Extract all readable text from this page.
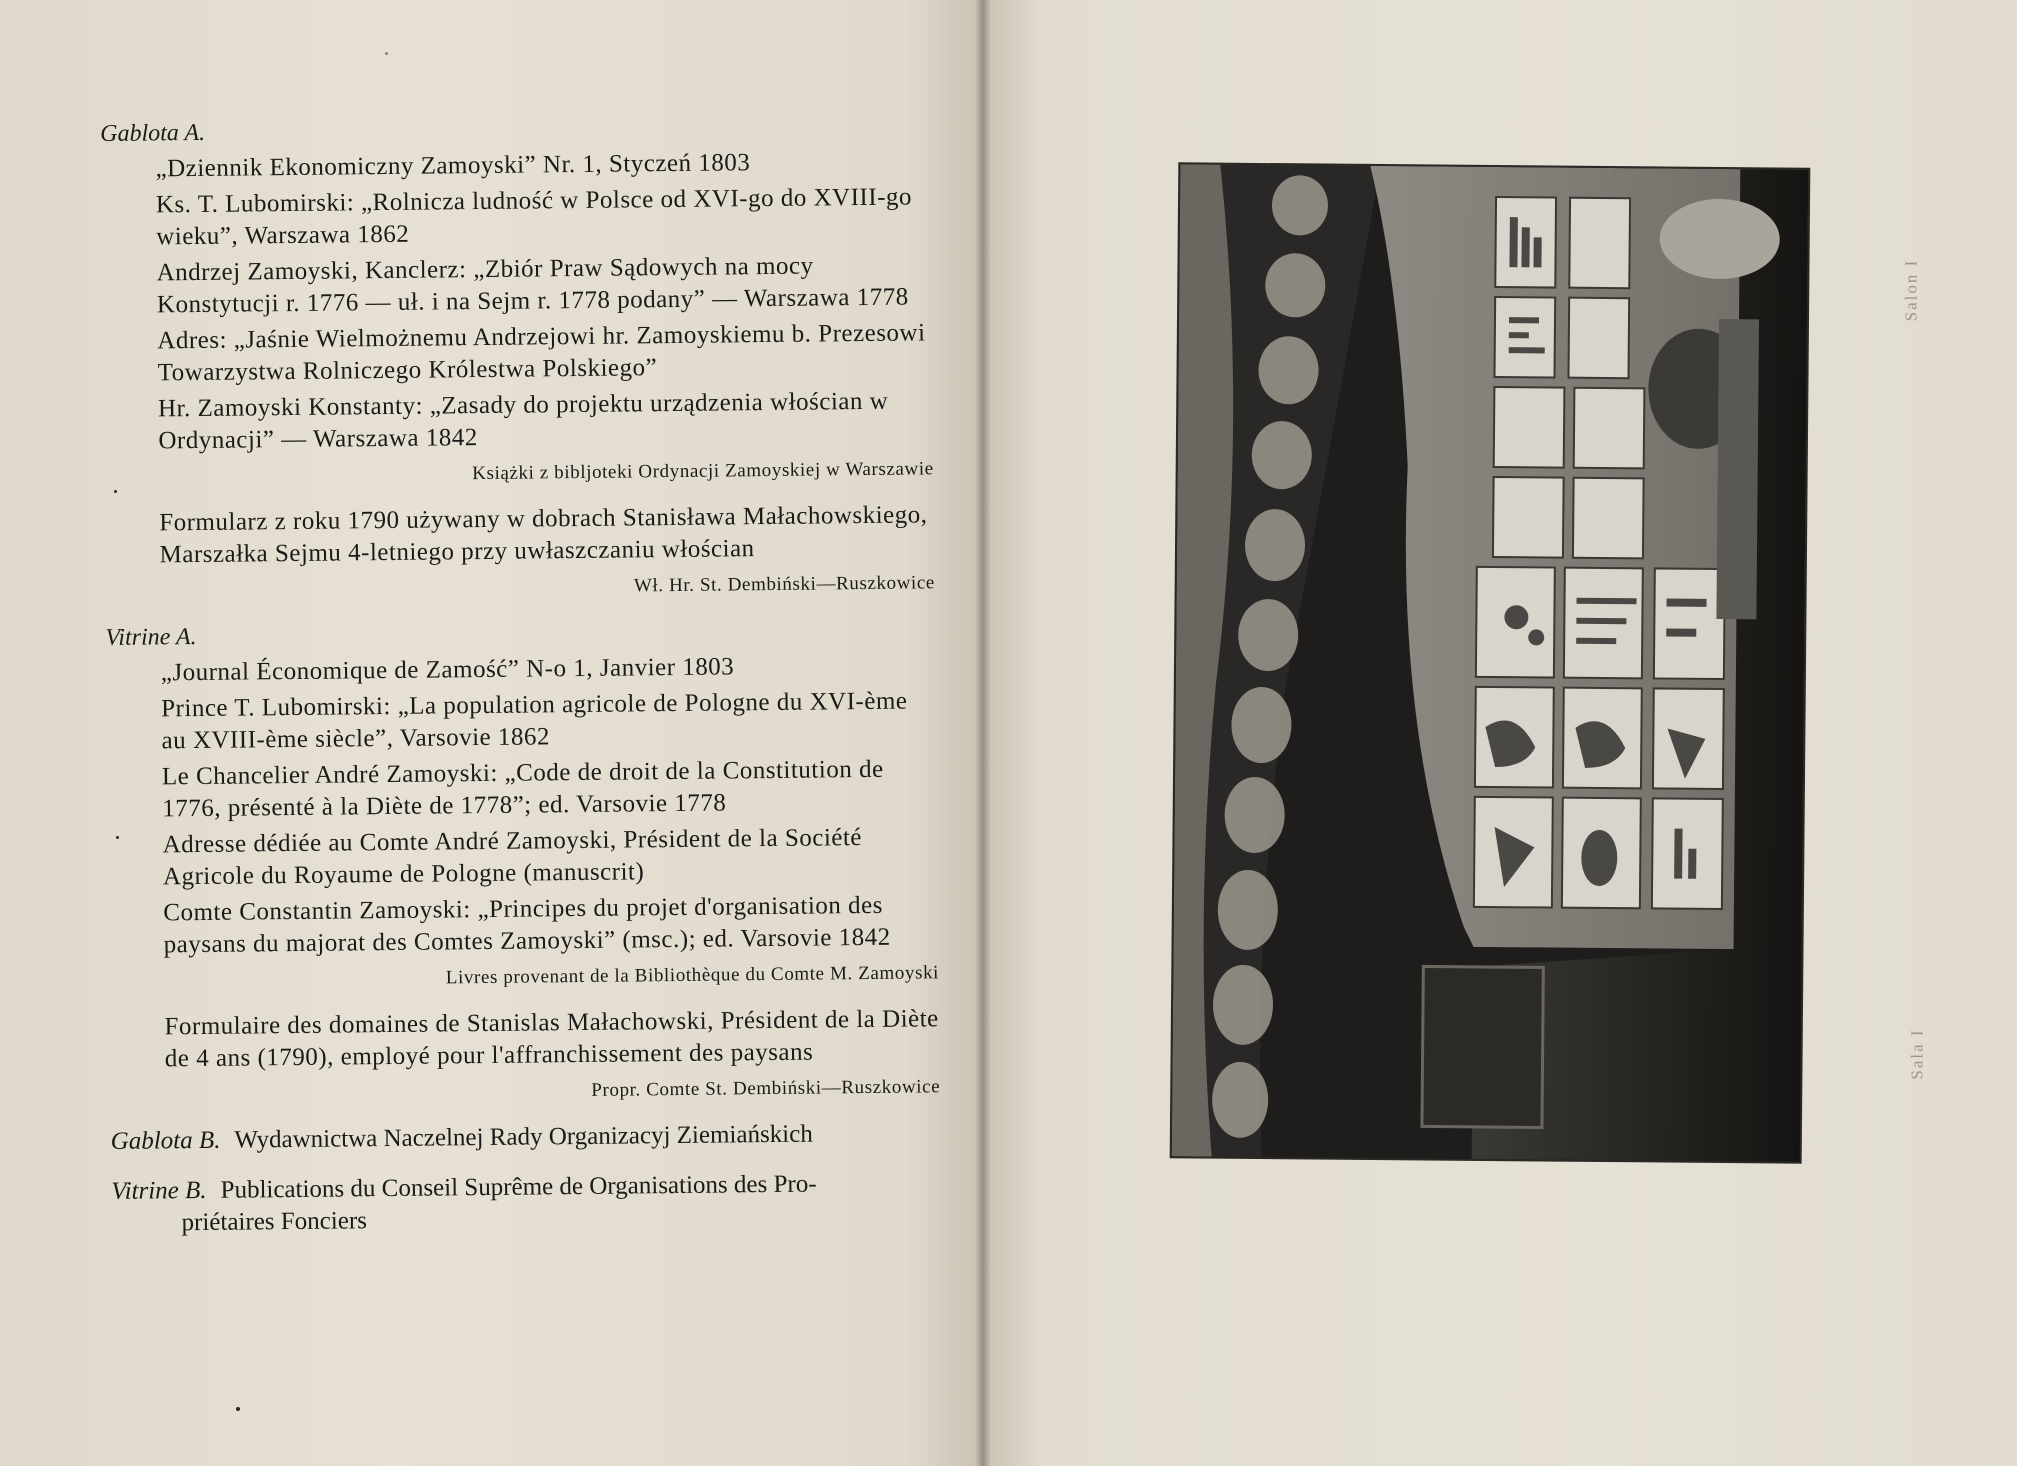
Gablota A.
„Dziennik Ekonomiczny Zamoyski” Nr. 1, Styczeń 1803
Ks. T. Lubomirski: „Rolnicza ludność w Polsce od XVI-go do XVIII-go wieku”, Warszawa 1862
Andrzej Zamoyski, Kanclerz: „Zbiór Praw Sądowych na mocy Konstytucji r. 1776 — uł. i na Sejm r. 1778 podany” — Warszawa 1778
Adres: „Jaśnie Wielmożnemu Andrzejowi hr. Zamoyskiemu b. Prezesowi Towarzystwa Rolniczego Królestwa Polskiego”
Hr. Zamoyski Konstanty: „Zasady do projektu urządzenia włościan w Ordynacji” — Warszawa 1842
Książki z bibljoteki Ordynacji Zamoyskiej w Warszawie
Formularz z roku 1790 używany w dobrach Stanisława Małachowskiego, Marszałka Sejmu 4-letniego przy uwłaszczaniu włościan
Wł. Hr. St. Dembiński—Ruszkowice
Vitrine A.
„Journal Économique de Zamość” N-o 1, Janvier 1803
Prince T. Lubomirski: „La population agricole de Pologne du XVI-ème au XVIII-ème siècle”, Varsovie 1862
Le Chancelier André Zamoyski: „Code de droit de la Constitution de 1776, présenté à la Diète de 1778”; ed. Varsovie 1778
Adresse dédiée au Comte André Zamoyski, Président de la Société Agricole du Royaume de Pologne (manuscrit)
Comte Constantin Zamoyski: „Principes du projet d'organisation des paysans du majorat des Comtes Zamoyski” (msc.); ed. Varsovie 1842
Livres provenant de la Bibliothèque du Comte M. Zamoyski
Formulaire des domaines de Stanislas Małachowski, Président de la Diète de 4 ans (1790), employé pour l'affranchissement des paysans
Propr. Comte St. Dembiński—Ruszkowice
Gablota B. Wydawnictwa Naczelnej Rady Organizacyj Ziemiańskich
Vitrine B. Publications du Conseil Suprême de Organisations des Pro-
priétaires Fonciers
Salon I
Sala I
